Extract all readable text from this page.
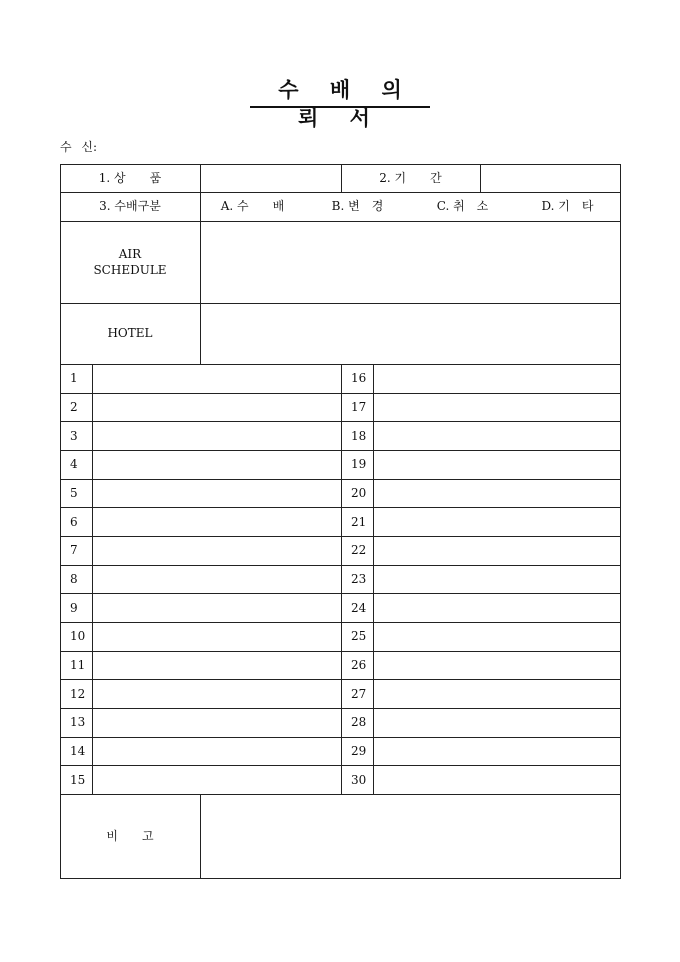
수 배 의 뢰 서
수 신:
1. 상　　품	2. 기　　간
3. 수배구분	A. 수　　배	B. 변　경	C. 취　소	D. 기　타
AIR
SCHEDULE
HOTEL
1	16
2	17
3	18
4	19
5	20
6	21
7	22
8	23
9	24
10	25
11	26
12	27
13	28
14	29
15	30
비　　고
